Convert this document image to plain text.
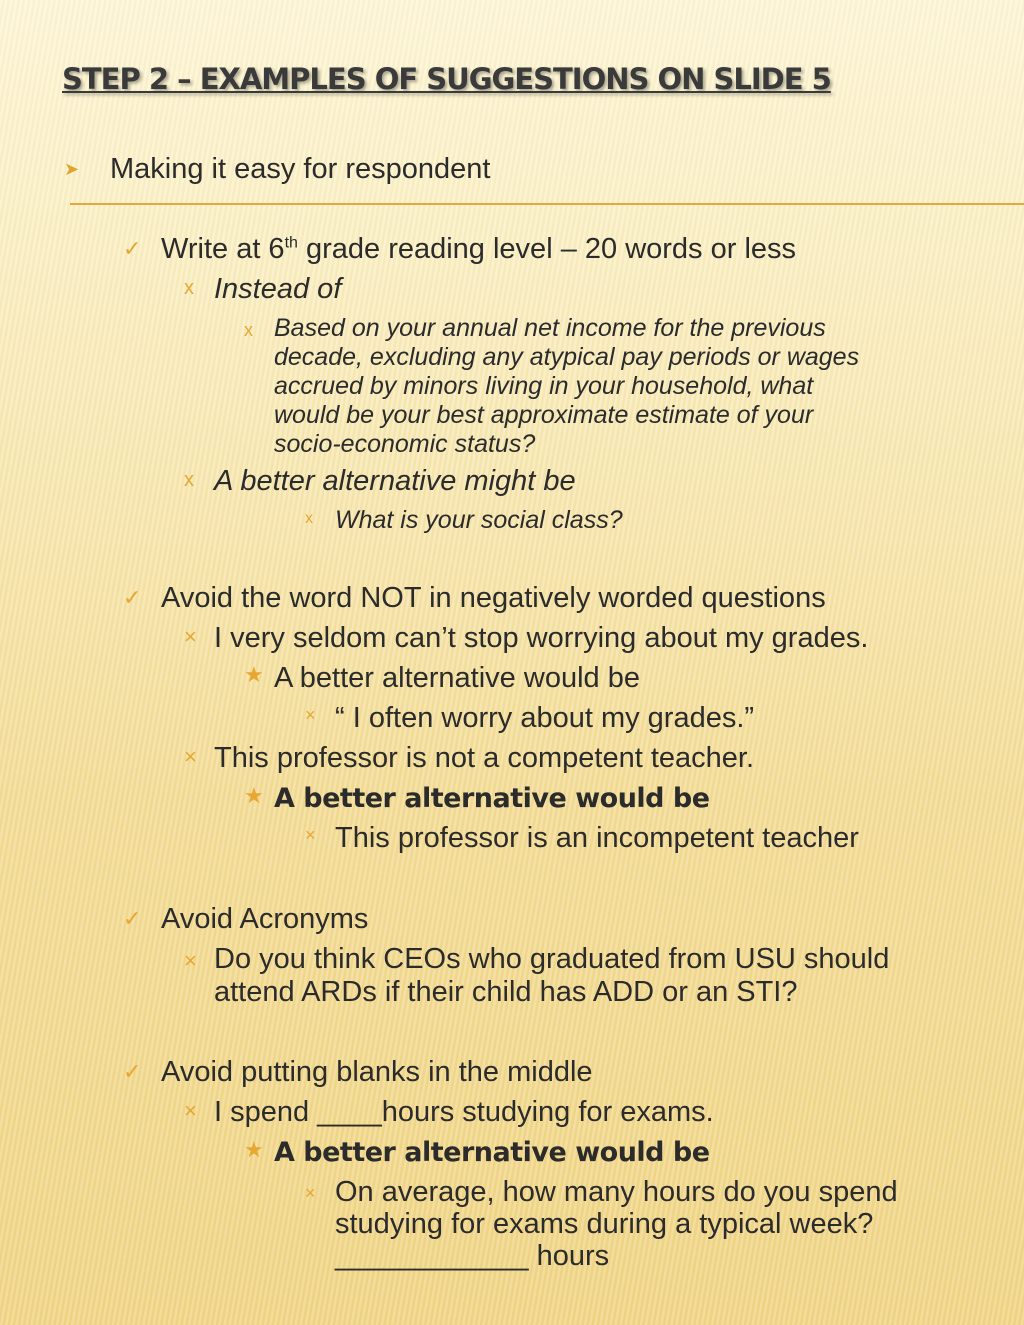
STEP 2 – EXAMPLES OF SUGGESTIONS ON SLIDE 5
➤ Making it easy for respondent
✓ Write at 6th grade reading level – 20 words or less
x Instead of
x Based on your annual net income for the previous
decade, excluding any atypical pay periods or wages
accrued by minors living in your household, what
would be your best approximate estimate of your
socio-economic status?
x A better alternative might be
x What is your social class?
✓ Avoid the word NOT in negatively worded questions
× I very seldom can’t stop worrying about my grades.
★ A better alternative would be
× “ I often worry about my grades.”
× This professor is not a competent teacher.
★ A better alternative would be
× This professor is an incompetent teacher
✓ Avoid Acronyms
× Do you think CEOs who graduated from USU should
attend ARDs if their child has ADD or an STI?
✓ Avoid putting blanks in the middle
× I spend ____hours studying for exams.
★ A better alternative would be
× On average, how many hours do you spend
studying for exams during a typical week?
____________ hours
